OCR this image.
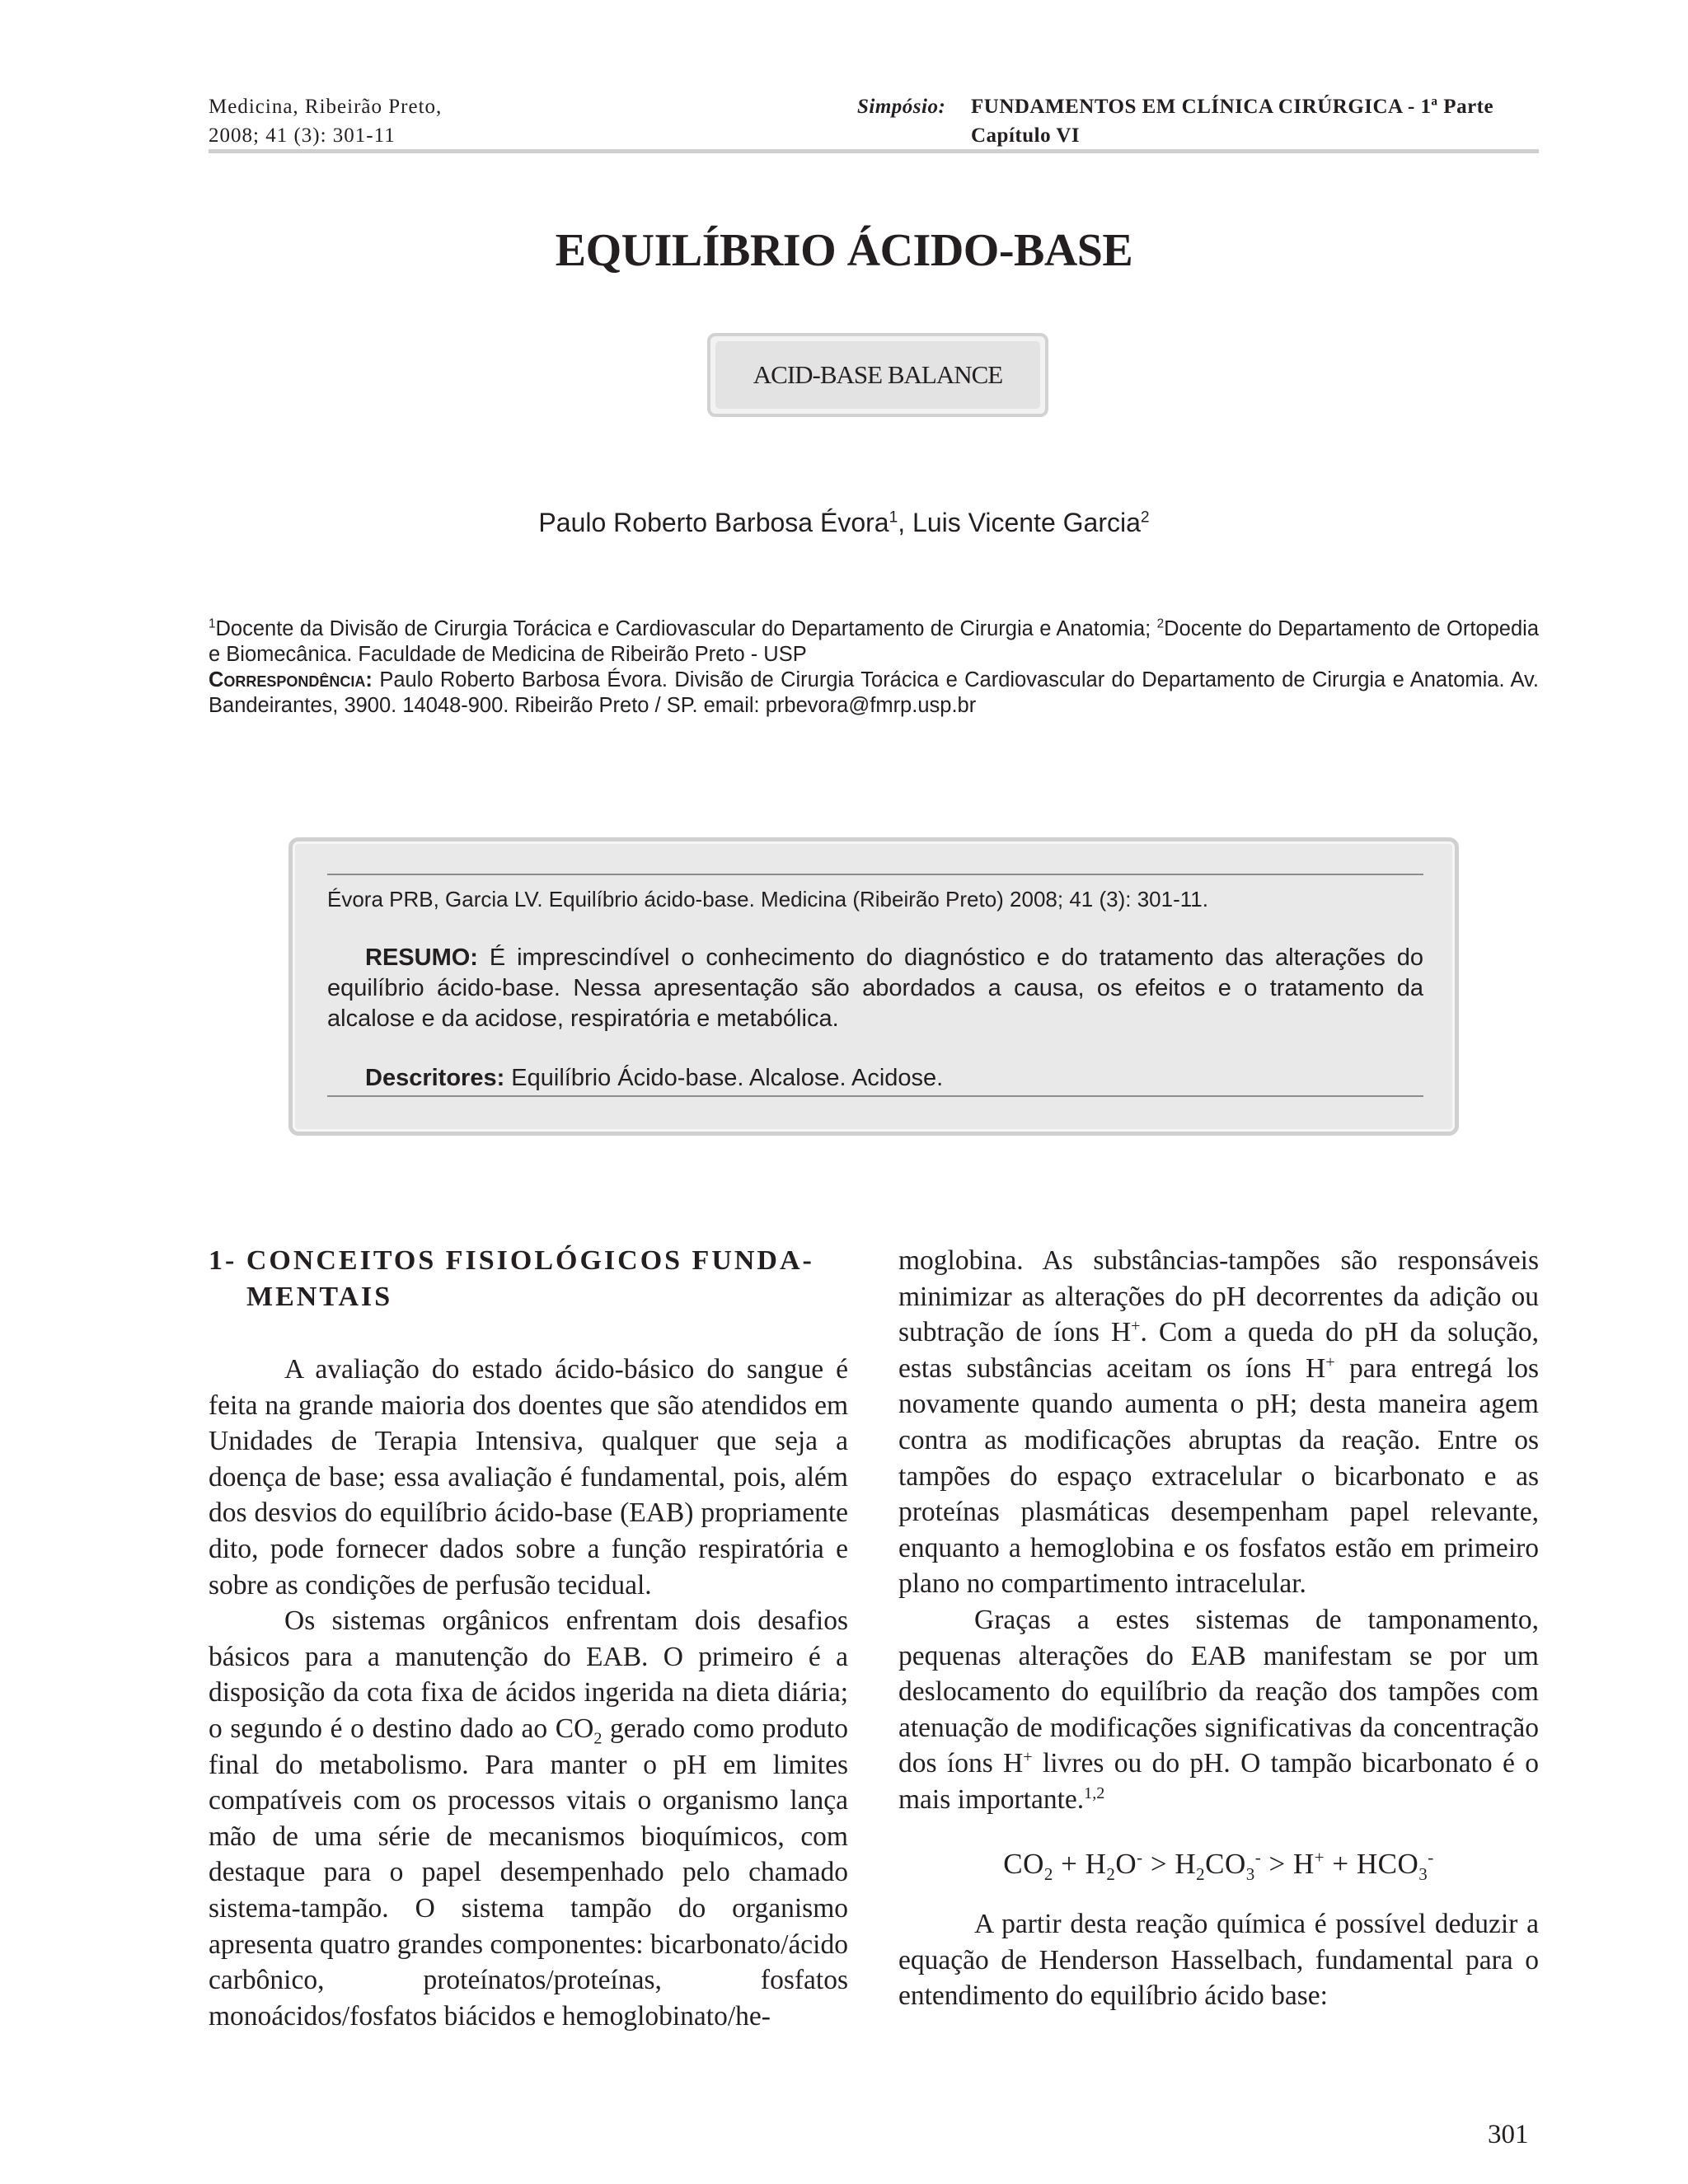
Medicina, Ribeirão Preto,
2008; 41 (3): 301-11
Simpósio: FUNDAMENTOS EM CLÍNICA CIRÚRGICA - 1ª Parte
Capítulo VI
EQUILÍBRIO ÁCIDO-BASE
ACID-BASE BALANCE
Paulo Roberto Barbosa Évora$^1$, Luis Vicente Garcia$^2$

$^1$Docente da Divisão de Cirurgia Torácica e Cardiovascular do Departamento de Cirurgia e Anatomia; $^2$Docente do Departamento de Ortopedia e Biomecânica. Faculdade de Medicina de Ribeirão Preto - USP

Correspondência: Paulo Roberto Barbosa Évora. Divisão de Cirurgia Torácica e Cardiovascular do Departamento de Cirurgia e Anatomia. Av. Bandeirantes, 3900. 14048-900. Ribeirão Preto / SP. email: prbevora@fmrp.usp.br

Évora PRB, Garcia LV. Equilíbrio ácido-base. Medicina (Ribeirão Preto) 2008; 41 (3): 301-11.
RESUMO: É imprescindível o conhecimento do diagnóstico e do tratamento das alterações do equilíbrio ácido-base. Nessa apresentação são abordados a causa, os efeitos e o tratamento da alcalose e da acidose, respiratória e metabólica.
Descritores: Equilíbrio Ácido-base. Alcalose. Acidose.
1- CONCEITOS FISIOLÓGICOS FUNDA-
MENTAIS

A avaliação do estado ácido-básico do sangue é feita na grande maioria dos doentes que são atendidos em Unidades de Terapia Intensiva, qualquer que seja a doença de base; essa avaliação é fundamental, pois, além dos desvios do equilíbrio ácido-base (EAB) propriamente dito, pode fornecer dados sobre a função respiratória e sobre as condições de perfusão tecidual.

Os sistemas orgânicos enfrentam dois desafios básicos para a manutenção do EAB. O primeiro é a disposição da cota fixa de ácidos ingerida na dieta diária; o segundo é o destino dado ao $CO_2$ gerado como produto final do metabolismo. Para manter o pH em limites compatíveis com os processos vitais o organismo lança mão de uma série de mecanismos bioquímicos, com destaque para o papel desempenhado pelo chamado sistema-tampão. O sistema tampão do organismo apresenta quatro grandes componentes: bicarbonato/ácido carbônico, proteínatos/proteínas, fosfatos monoácidos/fosfatos biácidos e hemoglobinato/he-

moglobina. As substâncias-tampões são responsáveis minimizar as alterações do pH decorrentes da adição ou subtração de íons H+. Com a queda do pH da solução, estas substâncias aceitam os íons H+ para entregá los novamente quando aumenta o pH; desta maneira agem contra as modificações abruptas da reação. Entre os tampões do espaço extracelular o bicarbonato e as proteínas plasmáticas desempenham papel relevante, enquanto a hemoglobina e os fosfatos estão em primeiro plano no compartimento intracelular.

Graças a estes sistemas de tamponamento, pequenas alterações do EAB manifestam se por um deslocamento do equilíbrio da reação dos tampões com atenuação de modificações significativas da concentração dos íons H+ livres ou do pH. O tampão bicarbonato é o mais importante.$^{1,2}$

$CO_2 + H_2O^- > H_2CO_3^- > H^+ + HCO_3^-$

A partir desta reação química é possível deduzir a equação de Henderson Hasselbach, fundamental para o entendimento do equilíbrio ácido base:

301
